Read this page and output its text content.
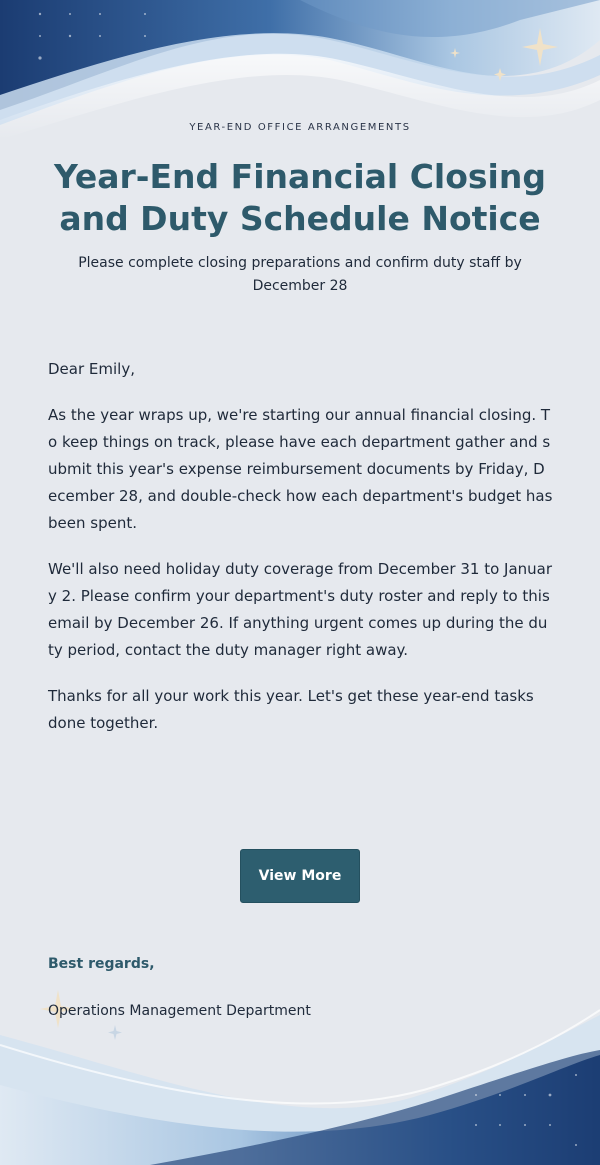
YEAR-END OFFICE ARRANGEMENTS

Year-End Financial Closing and Duty Schedule Notice

Please complete closing preparations and confirm duty staff by December 28

Dear Emily,

As the year wraps up, we're starting our annual financial closing. To keep things on track, please have each department gather and submit this year's expense reimbursement documents by Friday, December 28, and double-check how each department's budget has been spent.

We'll also need holiday duty coverage from December 31 to January 2. Please confirm your department's duty roster and reply to this email by December 26. If anything urgent comes up during the duty period, contact the duty manager right away.

Thanks for all your work this year. Let's get these year-end tasks done together.

View More

Best regards,

Operations Management Department
